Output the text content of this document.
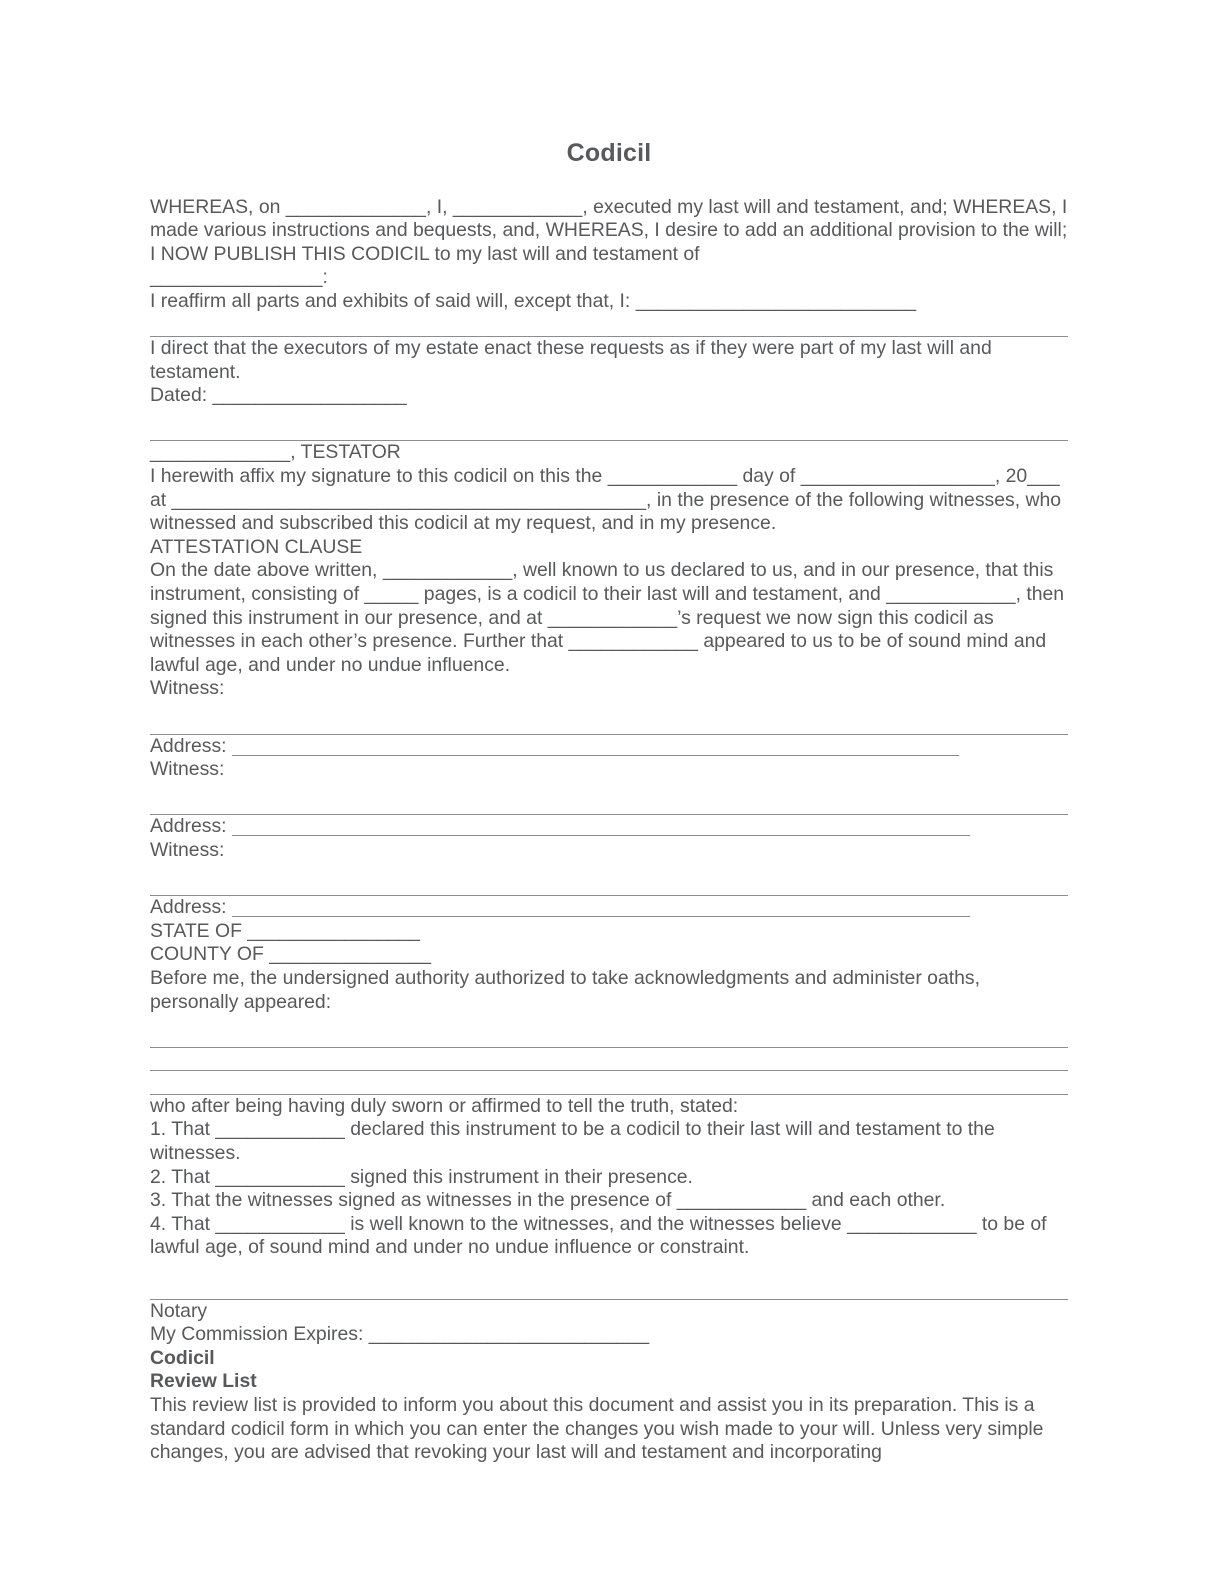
Codicil

WHEREAS, on _____________, I, ____________, executed my last will and testament, and; WHEREAS, I made various instructions and bequests, and, WHEREAS, I desire to add an additional provision to the will; I NOW PUBLISH THIS CODICIL to my last will and testament of

________________:

I reaffirm all parts and exhibits of said will, except that, I: __________________________

I direct that the executors of my estate enact these requests as if they were part of my last will and testament.

Dated: __________________

_____________, TESTATOR

I herewith affix my signature to this codicil on this the ____________ day of __________________, 20___ at ____________________________________________, in the presence of the following witnesses, who witnessed and subscribed this codicil at my request, and in my presence.

ATTESTATION CLAUSE

On the date above written, ____________, well known to us declared to us, and in our presence, that this instrument, consisting of _____ pages, is a codicil to their last will and testament, and ____________, then signed this instrument in our presence, and at ____________’s request we now sign this codicil as witnesses in each other’s presence. Further that ____________ appeared to us to be of sound mind and lawful age, and under no undue influence.

Witness:

Address:

Witness:

Address:

Witness:

Address:

STATE OF ________________

COUNTY OF _______________

Before me, the undersigned authority authorized to take acknowledgments and administer oaths, personally appeared:

who after being having duly sworn or affirmed to tell the truth, stated:

1. That ____________ declared this instrument to be a codicil to their last will and testament to the witnesses.

2. That ____________ signed this instrument in their presence.

3. That the witnesses signed as witnesses in the presence of ____________ and each other.

4. That ____________ is well known to the witnesses, and the witnesses believe ____________ to be of lawful age, of sound mind and under no undue influence or constraint.

Notary

My Commission Expires: __________________________

Codicil

Review List

This review list is provided to inform you about this document and assist you in its preparation. This is a standard codicil form in which you can enter the changes you wish made to your will. Unless very simple changes, you are advised that revoking your last will and testament and incorporating
